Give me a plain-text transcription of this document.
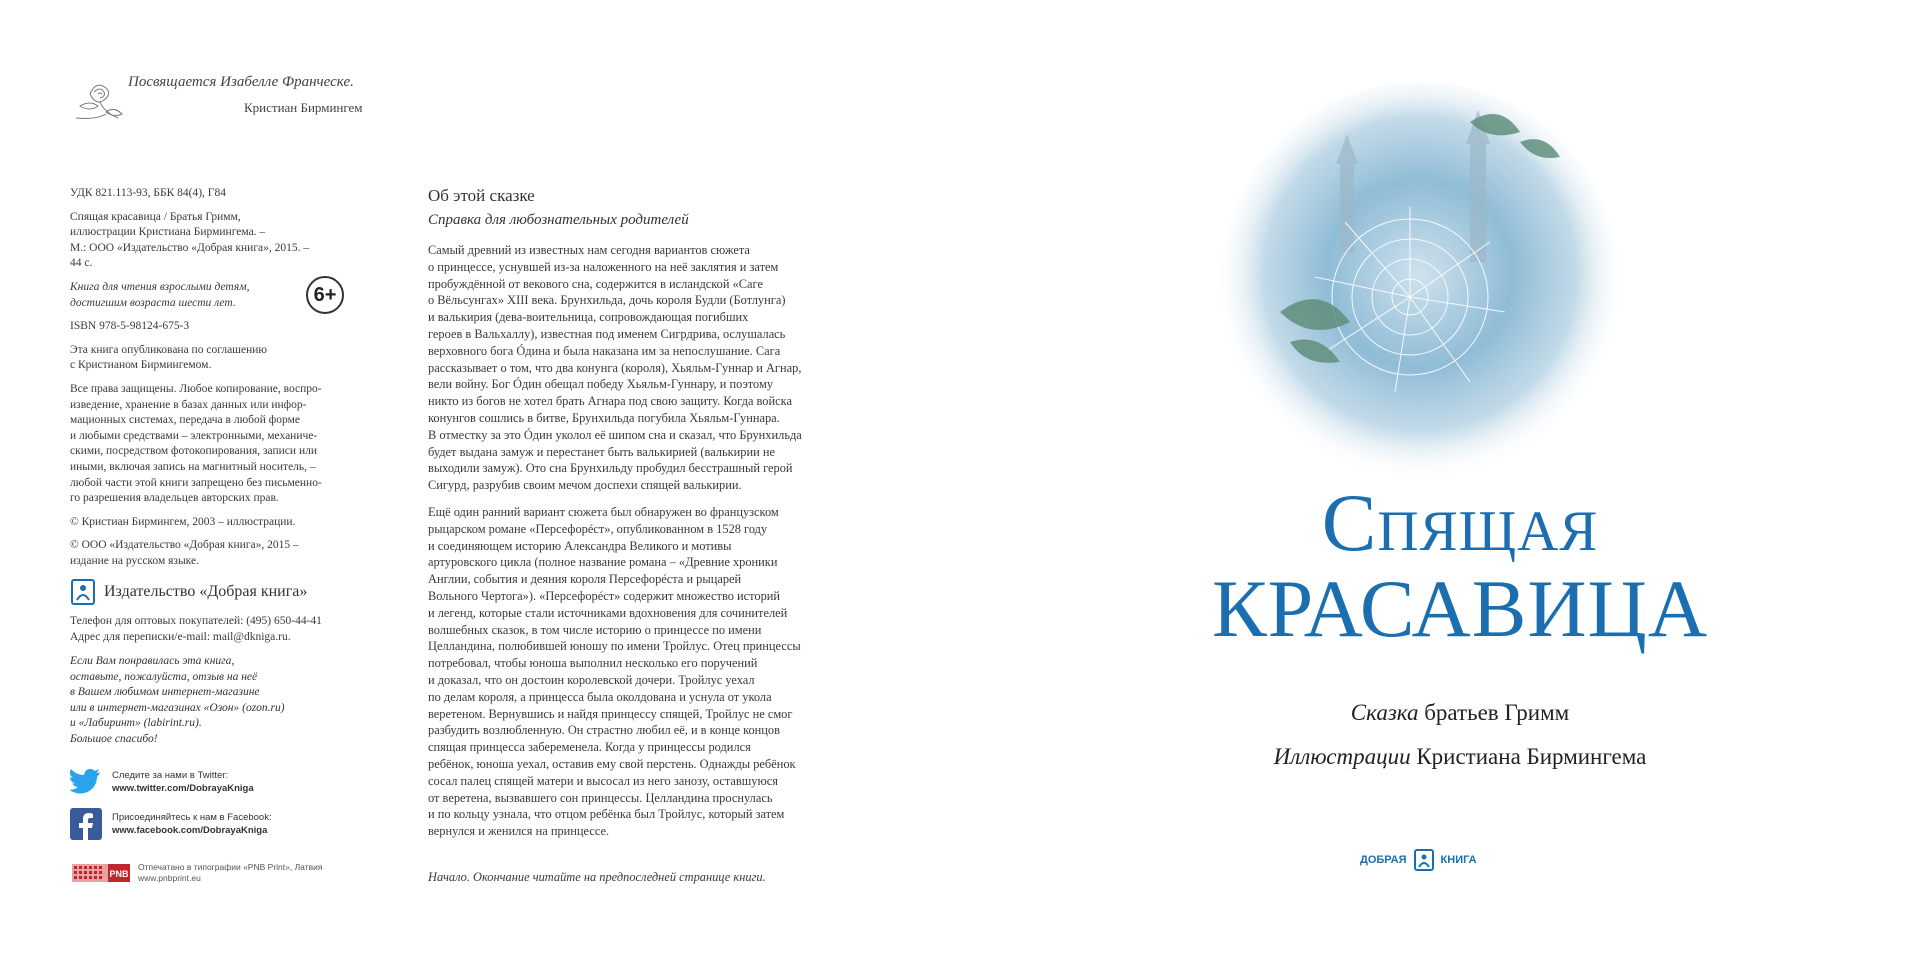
Посвящается Изабелле Франческе.
Кристиан Бирмингем

УДК 821.113-93, ББК 84(4), Г84

Спящая красавица / Братья Гримм,
иллюстрации Кристиана Бирмингема. –
М.: ООО «Издательство «Добрая книга», 2015. –
44 с.

Книга для чтения взрослыми детям,
достигшим возраста шести лет.

ISBN 978-5-98124-675-3

Эта книга опубликована по соглашению
с Кристианом Бирмингемом.

Все права защищены. Любое копирование, воспро-
изведение, хранение в базах данных или инфор-
мационных системах, передача в любой форме
и любыми средствами – электронными, механиче-
скими, посредством фотокопирования, записи или
иными, включая запись на магнитный носитель, –
любой части этой книги запрещено без письменно-
го разрешения владельцев авторских прав.

© Кристиан Бирмингем, 2003 – иллюстрации.

© ООО «Издательство «Добрая книга», 2015 –
издание на русском языке.

6+
Издательство «Добрая книга»
Телефон для оптовых покупателей: (495) 650-44-41
Адрес для переписки/e-mail: mail@dkniga.ru.
Если Вам понравилась эта книга,
оставьте, пожалуйста, отзыв на неё
в Вашем любимом интернет-магазине
или в интернет-магазинах «Озон» (ozon.ru)
и «Лабиринт» (labirint.ru).
Большое спасибо!
Следите за нами в Twitter:
www.twitter.com/DobrayaKniga
Присоединяйтесь к нам в Facebook:
www.facebook.com/DobrayaKniga
PNB
Отпечатано в типографии «PNB Print», Латвия
www.pnbprint.eu
Об этой сказке
Справка для любознательных родителей

Самый древний из известных нам сегодня вариантов сюжета
о принцессе, уснувшей из-за наложенного на неё заклятия и затем
пробуждённой от векового сна, содержится в исландской «Саге
о Вёльсунгах» XIII века. Брунхильда, дочь короля Будли (Ботлунга)
и валькирия (дева-воительница, сопровождающая погибших
героев в Вальхаллу), известная под именем Сигрдрива, ослушалась
верховного бога Óдина и была наказана им за непослушание. Сага
рассказывает о том, что два конунга (короля), Хьяльм-Гуннар и Агнар,
вели войну. Бог Óдин обещал победу Хьяльм-Гуннару, и поэтому
никто из богов не хотел брать Агнара под свою защиту. Когда войска
конунгов сошлись в битве, Брунхильда погубила Хьяльм-Гуннара.
В отместку за это Óдин уколол её шипом сна и сказал, что Брунхильда
будет выдана замуж и перестанет быть валькирией (валькирии не
выходили замуж). Ото сна Брунхильду пробудил бесстрашный герой
Сигурд, разрубив своим мечом доспехи спящей валькирии.

Ещё один ранний вариант сюжета был обнаружен во французском
рыцарском романе «Персефорéст», опубликованном в 1528 году
и соединяющем историю Александра Великого и мотивы
артуровского цикла (полное название романа – «Древние хроники
Англии, события и деяния короля Персефорéста и рыцарей
Вольного Чертога»). «Персефорéст» содержит множество историй
и легенд, которые стали источниками вдохновения для сочинителей
волшебных сказок, в том числе историю о принцессе по имени
Целландина, полюбившей юношу по имени Тройлус. Отец принцессы
потребовал, чтобы юноша выполнил несколько его поручений
и доказал, что он достоин королевской дочери. Тройлус уехал
по делам короля, а принцесса была околдована и уснула от укола
веретеном. Вернувшись и найдя принцессу спящей, Тройлус не смог
разбудить возлюбленную. Он страстно любил её, и в конце концов
спящая принцесса забеременела. Когда у принцессы родился
ребёнок, юноша уехал, оставив ему свой перстень. Однажды ребёнок
сосал палец спящей матери и высосал из него занозу, оставшуюся
от веретена, вызвавшего сон принцессы. Целландина проснулась
и по кольцу узнала, что отцом ребёнка был Тройлус, который затем
вернулся и женился на принцессе.

Начало. Окончание читайте на предпоследней странице книги.
Спящая
КРАСАВИЦА
Сказка братьев Гримм
Иллюстрации Кристиана Бирмингема
ДОБРАЯ	КНИГА
